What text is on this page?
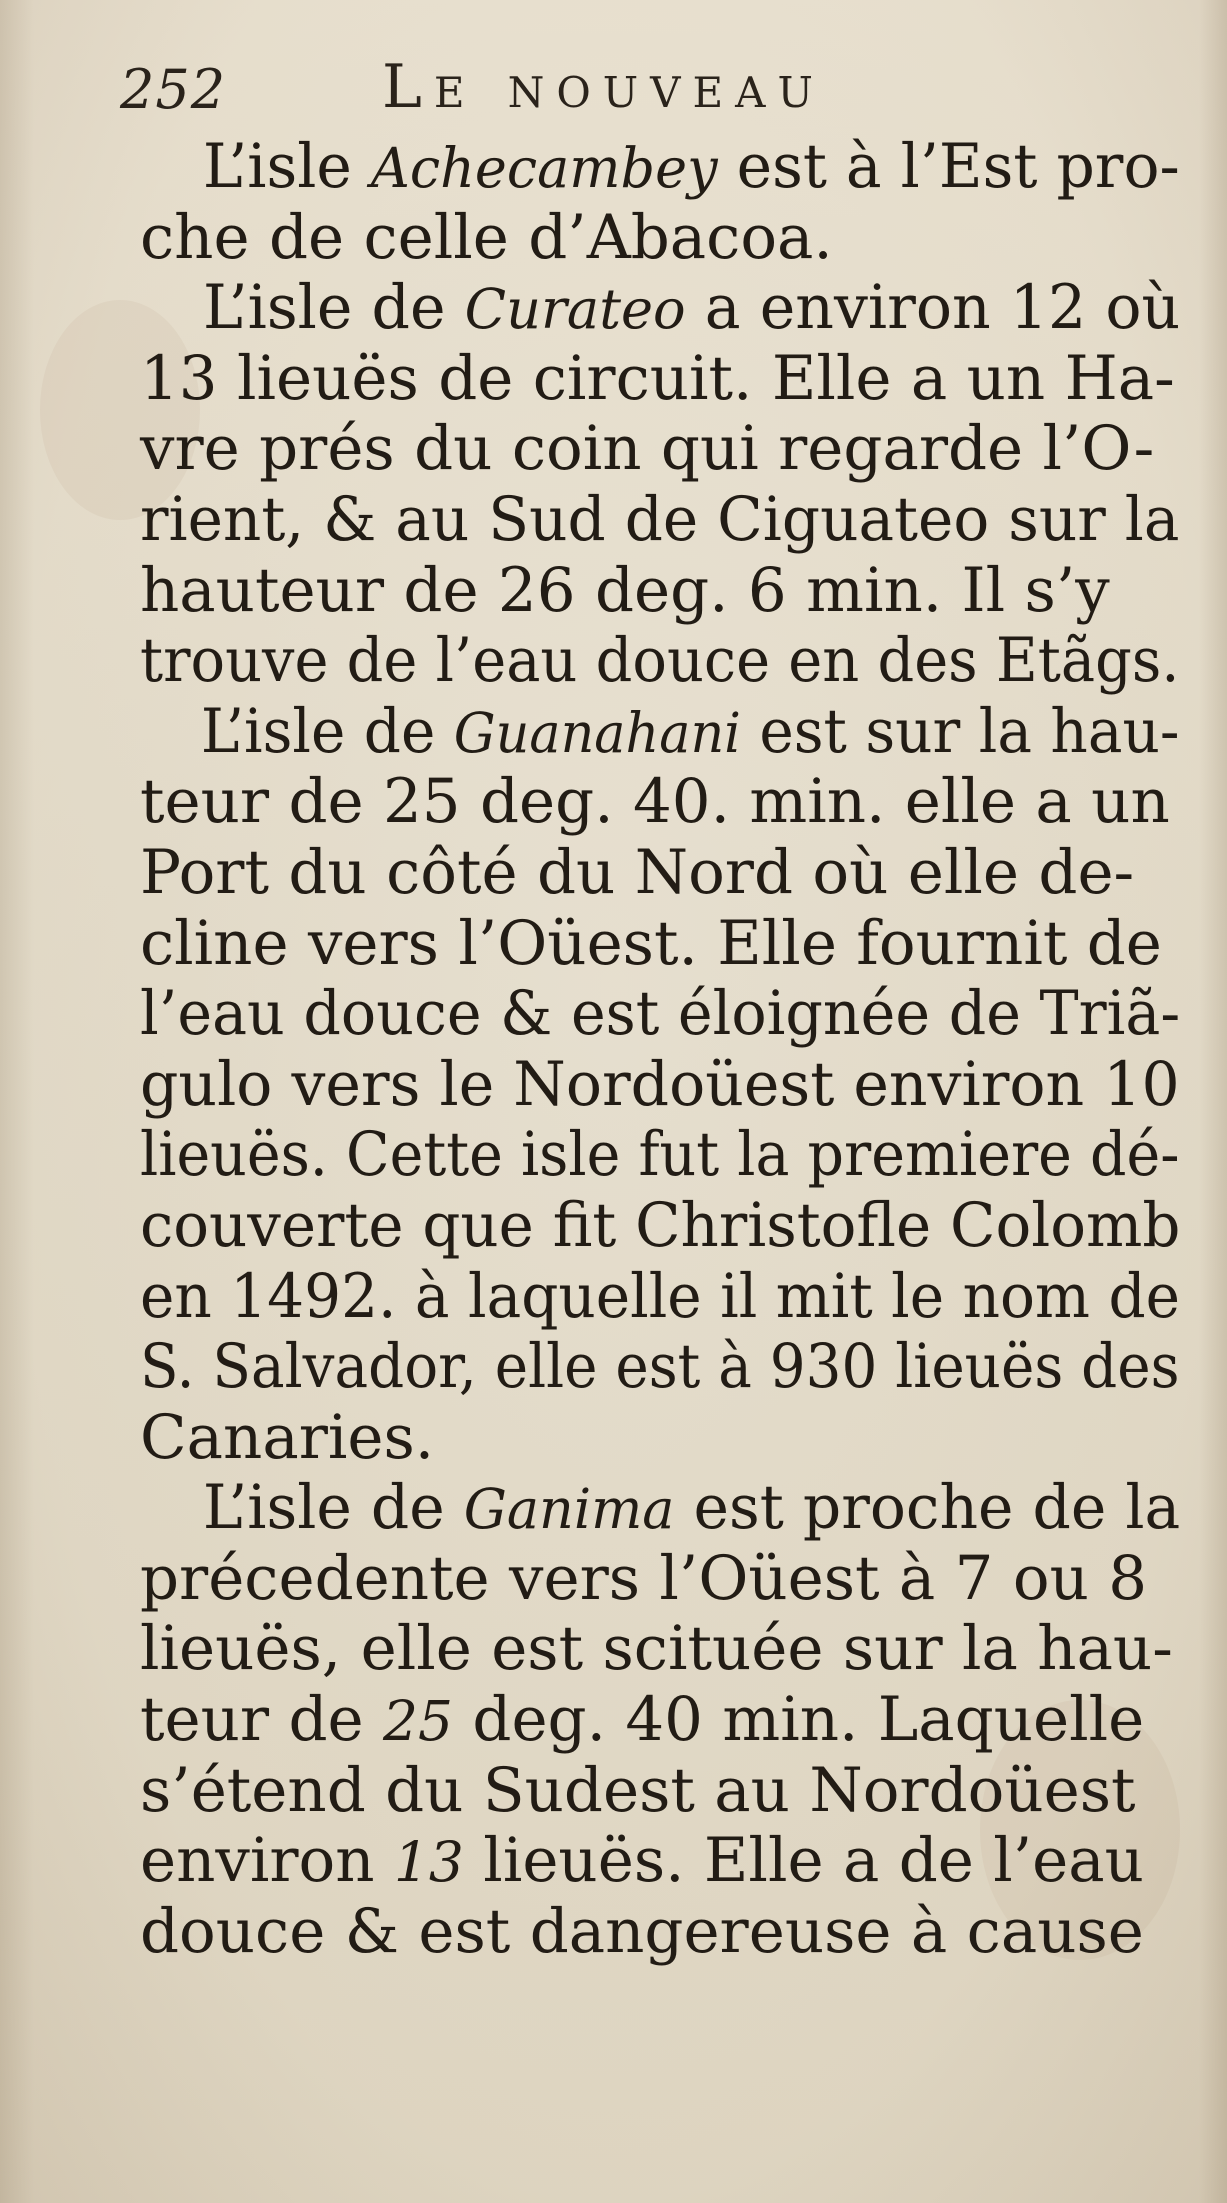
252	Le nouveau
L’isle Achecambey est à l’Est pro-
che de celle d’Abacoa.
L’isle de Curateo a environ 12 où
13 lieuës de circuit. Elle a un Ha-
vre prés du coin qui regarde l’O-
rient, & au Sud de Ciguateo sur la
hauteur de 26 deg. 6 min. Il s’y
trouve de l’eau douce en des Etãgs.
L’isle de Guanahani est sur la hau-
teur de 25 deg. 40. min. elle a un
Port du côté du Nord où elle de-
cline vers l’Oüest. Elle fournit de
l’eau douce & est éloignée de Triã-
gulo vers le Nordoüest environ 10
lieuës. Cette isle fut la premiere dé-
couverte que fit Christofle Colomb
en 1492. à laquelle il mit le nom de
S. Salvador, elle est à 930 lieuës des
Canaries.
L’isle de Ganima est proche de la
précedente vers l’Oüest à 7 ou 8
lieuës, elle est scituée sur la hau-
teur de 25 deg. 40 min. Laquelle
s’étend du Sudest au Nordoüest
environ 13 lieuës. Elle a de l’eau
douce & est dangereuse à cause
